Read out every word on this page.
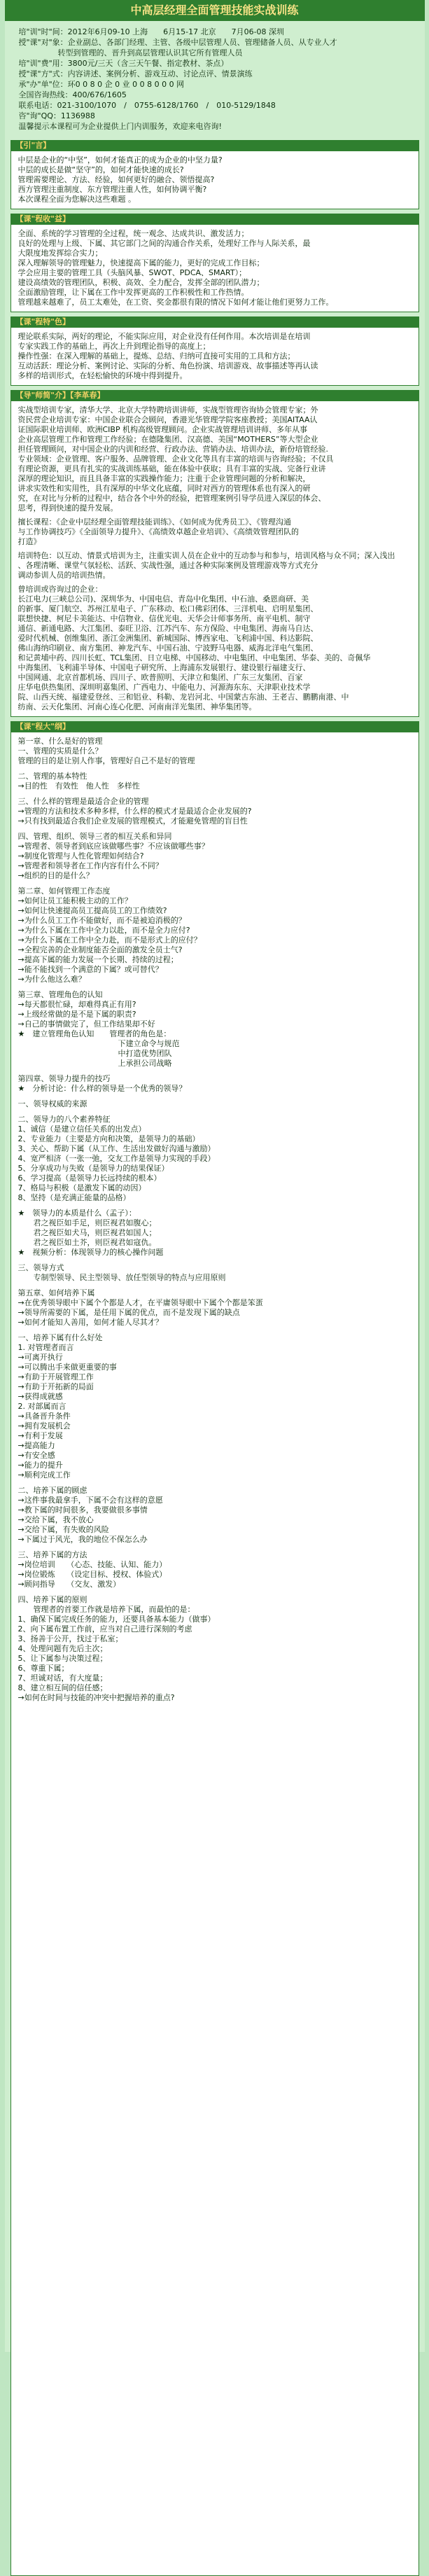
中高层经理全面管理技能实战训练

培"训"时"间：2012年6月09-10 上海　　6月15-17 北京　　7月06-08 深圳

授"课"对"象：企业副总、各部门经理、主管、各级中层管理人员、管理储备人员、从专业人才

转型到管理的、晋升到高层管理认识其它所有管理人员

培"训"费"用：3800元/三天（含三天午餐、指定教材、茶点）

授"课"方"式：内容讲述、案例分析、游戏互动、讨论点评、情景演练

承"办"单"位：环0 0 8 0 企 0 业 0 0 8 0 0 0 网

全国咨询热线：400/676/1605

联系电话：021-3100/1070　/　0755-6128/1760　/　010-5129/1848

咨"询"QQ：1136988

温馨提示本课程可为企业提供上门内训服务，欢迎来电咨询!

【引"言】

中层是企业的“中坚”，如何才能真正的成为企业的中坚力量?

中层的成长是做“坚守”的，如何才能快速的成长?

管理需要理论、方法、经验，如何更好的融合、领悟提高?

西方管理注重制度、东方管理注重人性，如何协调平衡?

本次课程全面为您解决这些难题 。

【课"程收"益】

全面、系统的学习管理的全过程，统一观念、达成共识、激发活力；

良好的处理与上级、下属、其它部门之间的沟通合作关系，处理好工作与人际关系，最

大限度地发挥综合实力；

深入理解领导的管理魅力，快速提高下属的能力，更好的完成工作目标；

学会应用主要的管理工具（头脑风暴、SWOT、PDCA、SMART）；

建设高绩效的管理团队，积极、高效、全力配合，发挥全部的团队潜力；

全面激励管理，让下属在工作中发挥更高的工作积极性和工作热情。

管理越来越难了，员工太难处，在工资、奖金都很有限的情况下如何才能让他们更努力工作。

【课"程特"色】

理论联系实际，两好的理论，不能实际应用，对企业没有任何作用。本次培训是在培训

专家实践工作的基础上，再次上升到理论指导的高度上；

操作性强：在深入理解的基础上，提炼、总结、归纳可直接可实用的工具和方法；

互动活跃：理论分析、案例讨论、实际的分析、角色扮演、培训游戏、故事描述等再认读

多样的培训形式，在轻松愉快的环境中得到提升。

【导"师简"介】【李革春】

实战型培训专家，清华大学、北京大学特聘培训讲师，实战型管理咨询协会管理专家；外

资民营企业培训专家：中国企业联合会顾问，香港光华管理学院客座教授；美国AITAA认

证国际职业培训师、欧洲CIBP 机构高级管理顾问。企业实战管理培训讲师、多年从事

企业高层管理工作和管理工作经验；在德隆集团、汉高德、美国“MOTHERS”等大型企业

担任管理顾问，对中国企业的内训和经营、行政办法、营销办法、培训办法，新份培管经验.

专业领域：企业管理、客户服务、品牌管理、企业文化等具有丰富的培训与咨询经验；不仅具

有理论资源，更具有扎实的实战训练基础，能在体验中获取；具有丰富的实战、完备行业讲

深厚的理论知识，而且具备丰富的实践操作能力；注重于企业管理问题的分析和解决，

讲求实效性和实用性，具有深厚的中华文化底蕴，同时对西方的管理体系也有深入的研

究，在对比与分析的过程中，结合各个中外的经验，把管理案例引导学员进入深层的体会、

思考，得到快速的提升发展。

擅长课程：《企业中层经理全面管理技能训练》、《如何成为优秀员工》、《管理沟通

与工作协调技巧》《全面领导力提升》、《高绩效卓越企业培训》、《高绩效管理团队的

打造》

培训特色：以互动、情景式培训为主，注重实训人员在企业中的互动参与和参与，培训风格与众不同；深入浅出

、各理清晰、课堂气氛轻松、活跃、实战性强，通过各种实际案例及管理游戏等方式充分

调动参训人员的培训热情。

曾培训或咨询过的企业：

长江电力(三峡总公司)、深圳华为、中国电信、青岛中化集团、中石油、桑恩商研、美

的新事、厦门航空、苏州江星电子、广东移动、松口佛彩团体、三洋机电、启明星集团、

联想快捷、柯尼卡美能达、中信物业、信优光电、天华会计师事务所、南平电机、制守

通信、新通电路、大江集团、泰旺卫浴、江苏汽车、东方保险、中电集团、海南马自达、

爱时代机械、创维集团、浙江金洲集团、新城国际、博西家电、飞利浦中国、科达影院、

佛山海纳印刷业、南方集团、神龙汽车、中国石油、宁波野马电器、威海北洋电气集团、

和记黄埔中药、四川长虹、TCL集团、日立电梯、中国移动、中电集团、中电集团、华泰、美的、奇佩华

中海集团、飞利浦半导体、中国电子研究所、上海浦东发展银行、建设银行福建支行、

中国网通、北京首都机场、四川子、欧普照明、天津立和集团、广东三友集团、百家

庄华电供热集团、深圳明嘉集团、广西电力、中能电力、河源海东东、天津职业技术学

院、山西天统、福建爱登丝、三和铝业、科勒、龙岩河北、中国蒙古东油、王老吉、鹏鹏南港、中

纺南、云天化集团、河南心连心化肥、河南南洋光集团、神华集团等。

【课"程大"纲】

第一章、什么是好的管理

一、管理的实质是什么？

管理的目的是让别人作事，管理好自己不是好的管理

二、管理的基本特性

→目的性　有效性　他人性　多样性

三、什么样的管理是最适合企业的管理

→管理的方法和技术多种多样，什么样的模式才是最适合企业发展的?

→只有找到最适合我们企业发展的管理模式，才能避免管理的盲目性

四、管理、组织、领导三者的相互关系和异同

→管理者、领导者到底应该做哪些事？不应该做哪些事？

→制度化管理与人性化管理如何结合?

→管理者和领导者在工作内容有什么不同？

→组织的目的是什么？

第二章、如何管理工作态度

→如何让员工能积极主动的工作？

→如何让快速提高员工提高员工的工作绩效?

→为什么员工工作不能做好，而不是被迫消极的？

→为什么下属在工作中全力以赴，而不是全力应付?

→为什么下属在工作中全力赴，而不是形式上的应付？

→全程完善的企业制度能否全面的激发全员士气?

→提高下属的能力发展一个长期、持续的过程；

→能不能找到一个满意的下属？或可替代？

→为什么他这么难？

第三章、管理角色的认知

→每天都很忙碌，却难得真正有用?

→上级经常做的是不是下属的职责?

→自己的事情做完了，但工作结果却不好

★　建立管理角色认知　　管理者的角色是：

　　　　　　　　　　　　　下建立命令与规范

　　　　　　　　　　　　　中打造优势团队

　　　　　　　　　　　　　上承担公司战略

第四章、领导力提升的技巧

★　分析讨论：什么样的领导是一个优秀的领导？

一、领导权威的来源

二、领导力的八个素养特征

1、诚信（是建立信任关系的出发点）

2、专业能力（主要是方向和决策，是领导力的基础）

3、关心、帮助下属（从工作、生活出发做好沟通与激励）

4、宽严相济（一张一弛，交友工作是领导力实现的手段）

5、分享成功与失败（是领导力的结果保证）

6、学习提高（是领导力长远持续的根本）

7、格局与积极（是激发下属的动因）

8、坚持（是充满正能量的品格）

★　领导力的本质是什么（孟子）：

　　君之视臣如手足，则臣视君如腹心；

　　君之视臣如犬马，则臣视君如国人；

　　君之视臣如土芥，则臣视君如寇仇。

★　视频分析：体现领导力的核心操作问题

三、领导方式

　　专制型领导、民主型领导、放任型领导的特点与应用原则

第五章、如何培养下属

→在优秀领导眼中下属个个都是人才，在平庸领导眼中下属个个都是笨蛋

→领导所需要的下属，是任用下属的优点，而不是发现下属的缺点

→如何才能知人善用，如何才能人尽其才？

一、培养下属有什么好处

1. 对管理者而言

→可离开执行

→可以腾出手来做更重要的事

→有助于开展管理工作

→有助于开拓新的局面

→获得成就感

2. 对部属而言

→具备晋升条件

→拥有发展机会

→有利于发展

→提高能力

→有安全感

→能力的提升

→顺利完成工作

二、培养下属的顾虑

→这件事我最拿手，下属不会有这样的意愿

→教下属的时间很多，我要做很多事情

→交给下属，我不放心

→交给下属，有失败的风险

→下属过于风光，我的地位不保怎么办

三、培养下属的方法

→岗位培训　　（心态、技能、认知、能力）

→岗位锻炼　　（设定目标、授权、体验式）

→顾问指导　　（交友、激发）

四、培养下属的原则

　　管理者的首要工作就是培养下属，而最怕的是：

1、确保下属完成任务的能力，还要具备基本能力（做事）

2、向下属布置工作前，应当对自己进行深刻的考虑

3、扬善于公开，找过于私室；

4、处理问题有先后主次；

5、让下属参与决策过程；

6、尊重下属；

7、坦诚对话，有大度量；

8、建立相互间的信任感；

→如何在时间与技能的冲突中把握培养的重点?
